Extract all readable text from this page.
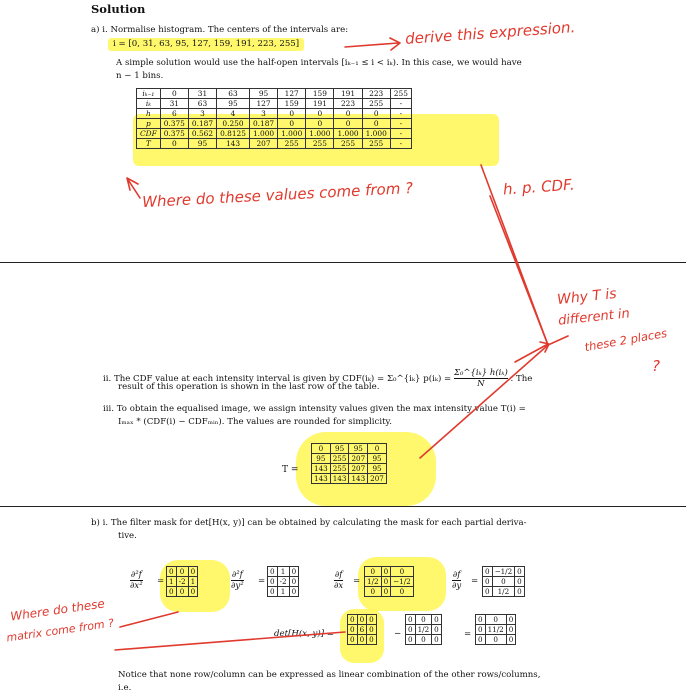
Solution
a) i. Normalise histogram. The centers of the intervals are:
i = [0, 31, 63, 95, 127, 159, 191, 223, 255]
A simple solution would use the half-open intervals [iₖ₋₁ ≤ i < iₖ). In this case, we would have
n − 1 bins.
iₖ₋₁	0	31	63	95	127	159	191	223	255
iₖ	31	63	95	127	159	191	223	255	-
h	6	3	4	3	0	0	0	0	-
p	0.375	0.187	0.250	0.187	0	0	0	0	-
CDF	0.375	0.562	0.8125	1.000	1.000	1.000	1.000	1.000	-
T	0	95	143	207	255	255	255	255	-
ii. The CDF value at each intensity interval is given by CDF(iₖ) = Σ₀^{iₖ} $p(i_k) = \frac{\text{Σ₀\textasciicircum{}\{iₖ\} h(iₖ)}}{N}$ . The
result of this operation is shown in the last row of the table.
iii. To obtain the equalised image, we assign intensity values given the max intensity value T(i) =
Iₘₐₓ * (CDF(i) − CDFₘᵢₙ). The values are rounded for simplicity.
T =
0	95	95	0
95	255	207	95
143	255	207	95
143	143	143	207
b) i. The filter mask for det[H(x, y)] can be obtained by calculating the mask for each partial deriva-
tive.
$\frac{\text{∂²f}}{\text{∂x²}}$ =
0	0	0
1	-2	1
0	0	0
$\frac{\text{∂²f}}{\text{∂y²}}$ =
0	1	0
0	-2	0
0	1	0
$\frac{\partial f}{\partial x}$ =
0	0	0
1/2	0	−1/2
0	0	0
$\frac{\partial f}{\partial y}$ =
0	−1/2	0
0	0	0
0	1/2	0
det[H(x, y)] =
0	0	0
0	6	0
0	0	0
−
0	0	0
0	1/2	0
0	0	0
=
0	0	0
0	11/2	0
0	0	0
Notice that none row/column can be expressed as linear combination of the other rows/columns,
i.e.
derive this expression.
Where do these values come from ?	h. p. CDF.
Why T is
different in
these 2 places
?
Where do these
matrix come from ?
